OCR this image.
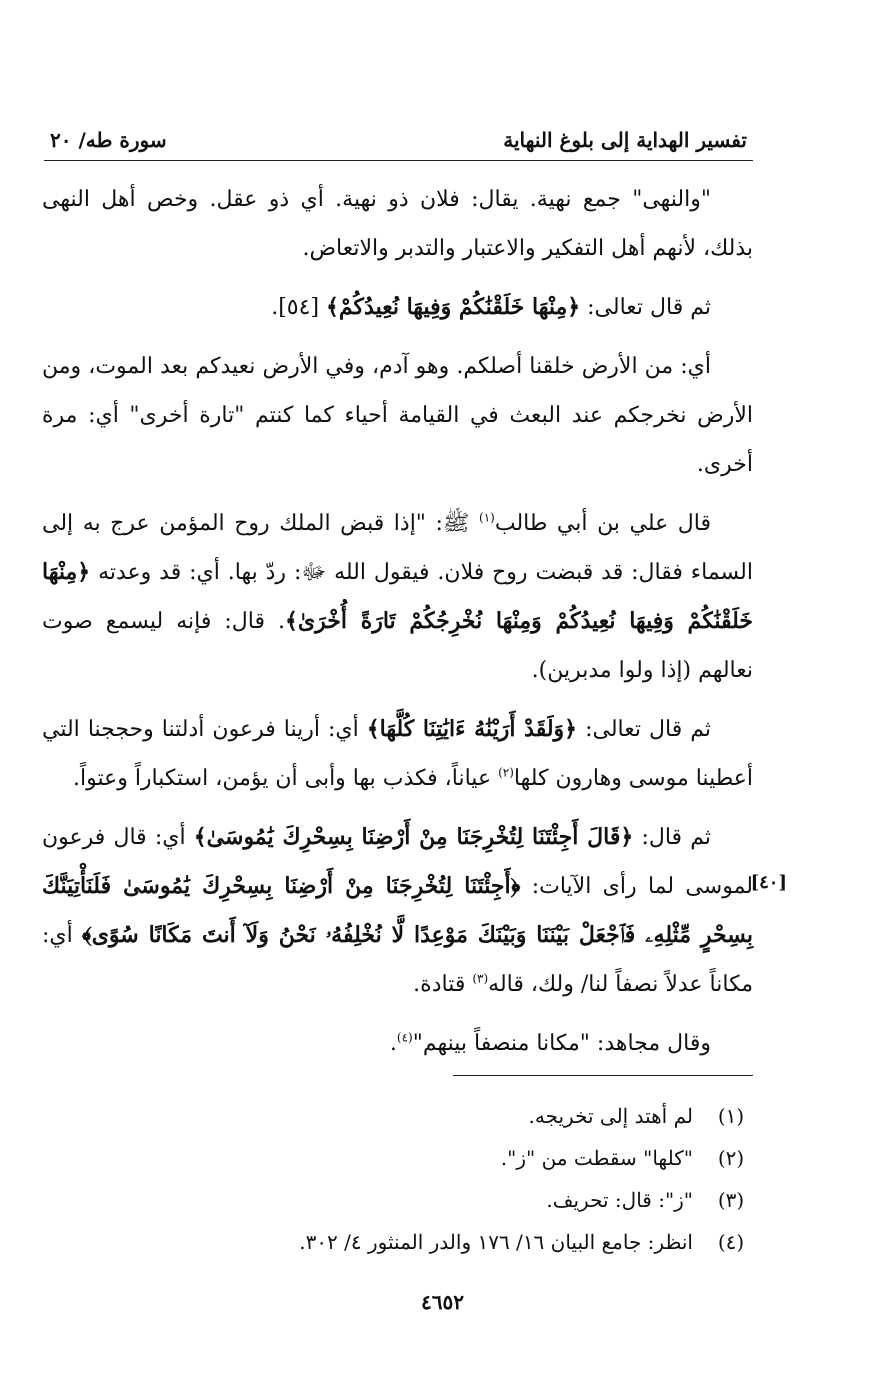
تفسير الهداية إلى بلوغ النهاية
سورة طه/ ٢٠

"والنهى" جمع نهية. يقال: فلان ذو نهية. أي ذو عقل. وخص أهل النهى بذلك، لأنهم أهل التفكير والاعتبار والتدبر والاتعاض.

ثم قال تعالى: ﴿مِنْهَا خَلَقْنَٰكُمْ وَفِيهَا نُعِيدُكُمْ﴾ [٥٤].

أي: من الأرض خلقنا أصلكم. وهو آدم، وفي الأرض نعيدكم بعد الموت، ومن الأرض نخرجكم عند البعث في القيامة أحياء كما كنتم "تارة أخرى" أي: مرة أخرى.

قال علي بن أبي طالب$^{(١)}$ ﷺ: "إذا قبض الملك روح المؤمن عرج به إلى السماء فقال: قد قبضت روح فلان. فيقول الله ﷻ: ردّ بها. أي: قد وعدته ﴿مِنْهَا خَلَقْنَٰكُمْ وَفِيهَا نُعِيدُكُمْ وَمِنْهَا نُخْرِجُكُمْ تَارَةً أُخْرَىٰ﴾. قال: فإنه ليسمع صوت نعالهم (إذا ولوا مدبرين).

ثم قال تعالى: ﴿وَلَقَدْ أَرَيْنَٰهُ ءَايَٰتِنَا كُلَّهَا﴾ أي: أرينا فرعون أدلتنا وحججنا التي أعطينا موسى وهارون كلها$^{(٢)}$ عياناً، فكذب بها وأبى أن يؤمن، استكباراً وعتواً.

ثم قال: ﴿قَالَ أَجِئْتَنَا لِتُخْرِجَنَا مِنْ أَرْضِنَا بِسِحْرِكَ يَٰمُوسَىٰ﴾ أي: قال فرعون لموسى لما رأى الآيات: ﴿أَجِئْتَنَا لِتُخْرِجَنَا مِنْ أَرْضِنَا بِسِحْرِكَ يَٰمُوسَىٰ فَلَنَأْتِيَنَّكَ بِسِحْرٍ مِّثْلِهِۦ فَٱجْعَلْ بَيْنَنَا وَبَيْنَكَ مَوْعِدًا لَّا نُخْلِفُهُۥ نَحْنُ وَلَآ أَنتَ مَكَانًا سُوًى﴾ أي: مكاناً عدلاً نصفاً لنا/ ولك، قاله$^{(٣)}$ قتادة.

وقال مجاهد: "مكانا منصفاً بينهم"$^{(٤)}$.

[٤٠]
(١)
لم أهتد إلى تخريجه.
(٢)
"كلها" سقطت من "ز".
(٣)
"ز": قال: تحريف.
(٤)
انظر: جامع البيان ١٦/ ١٧٦ والدر المنثور ٤/ ٣٠٢.
٤٦٥٢
